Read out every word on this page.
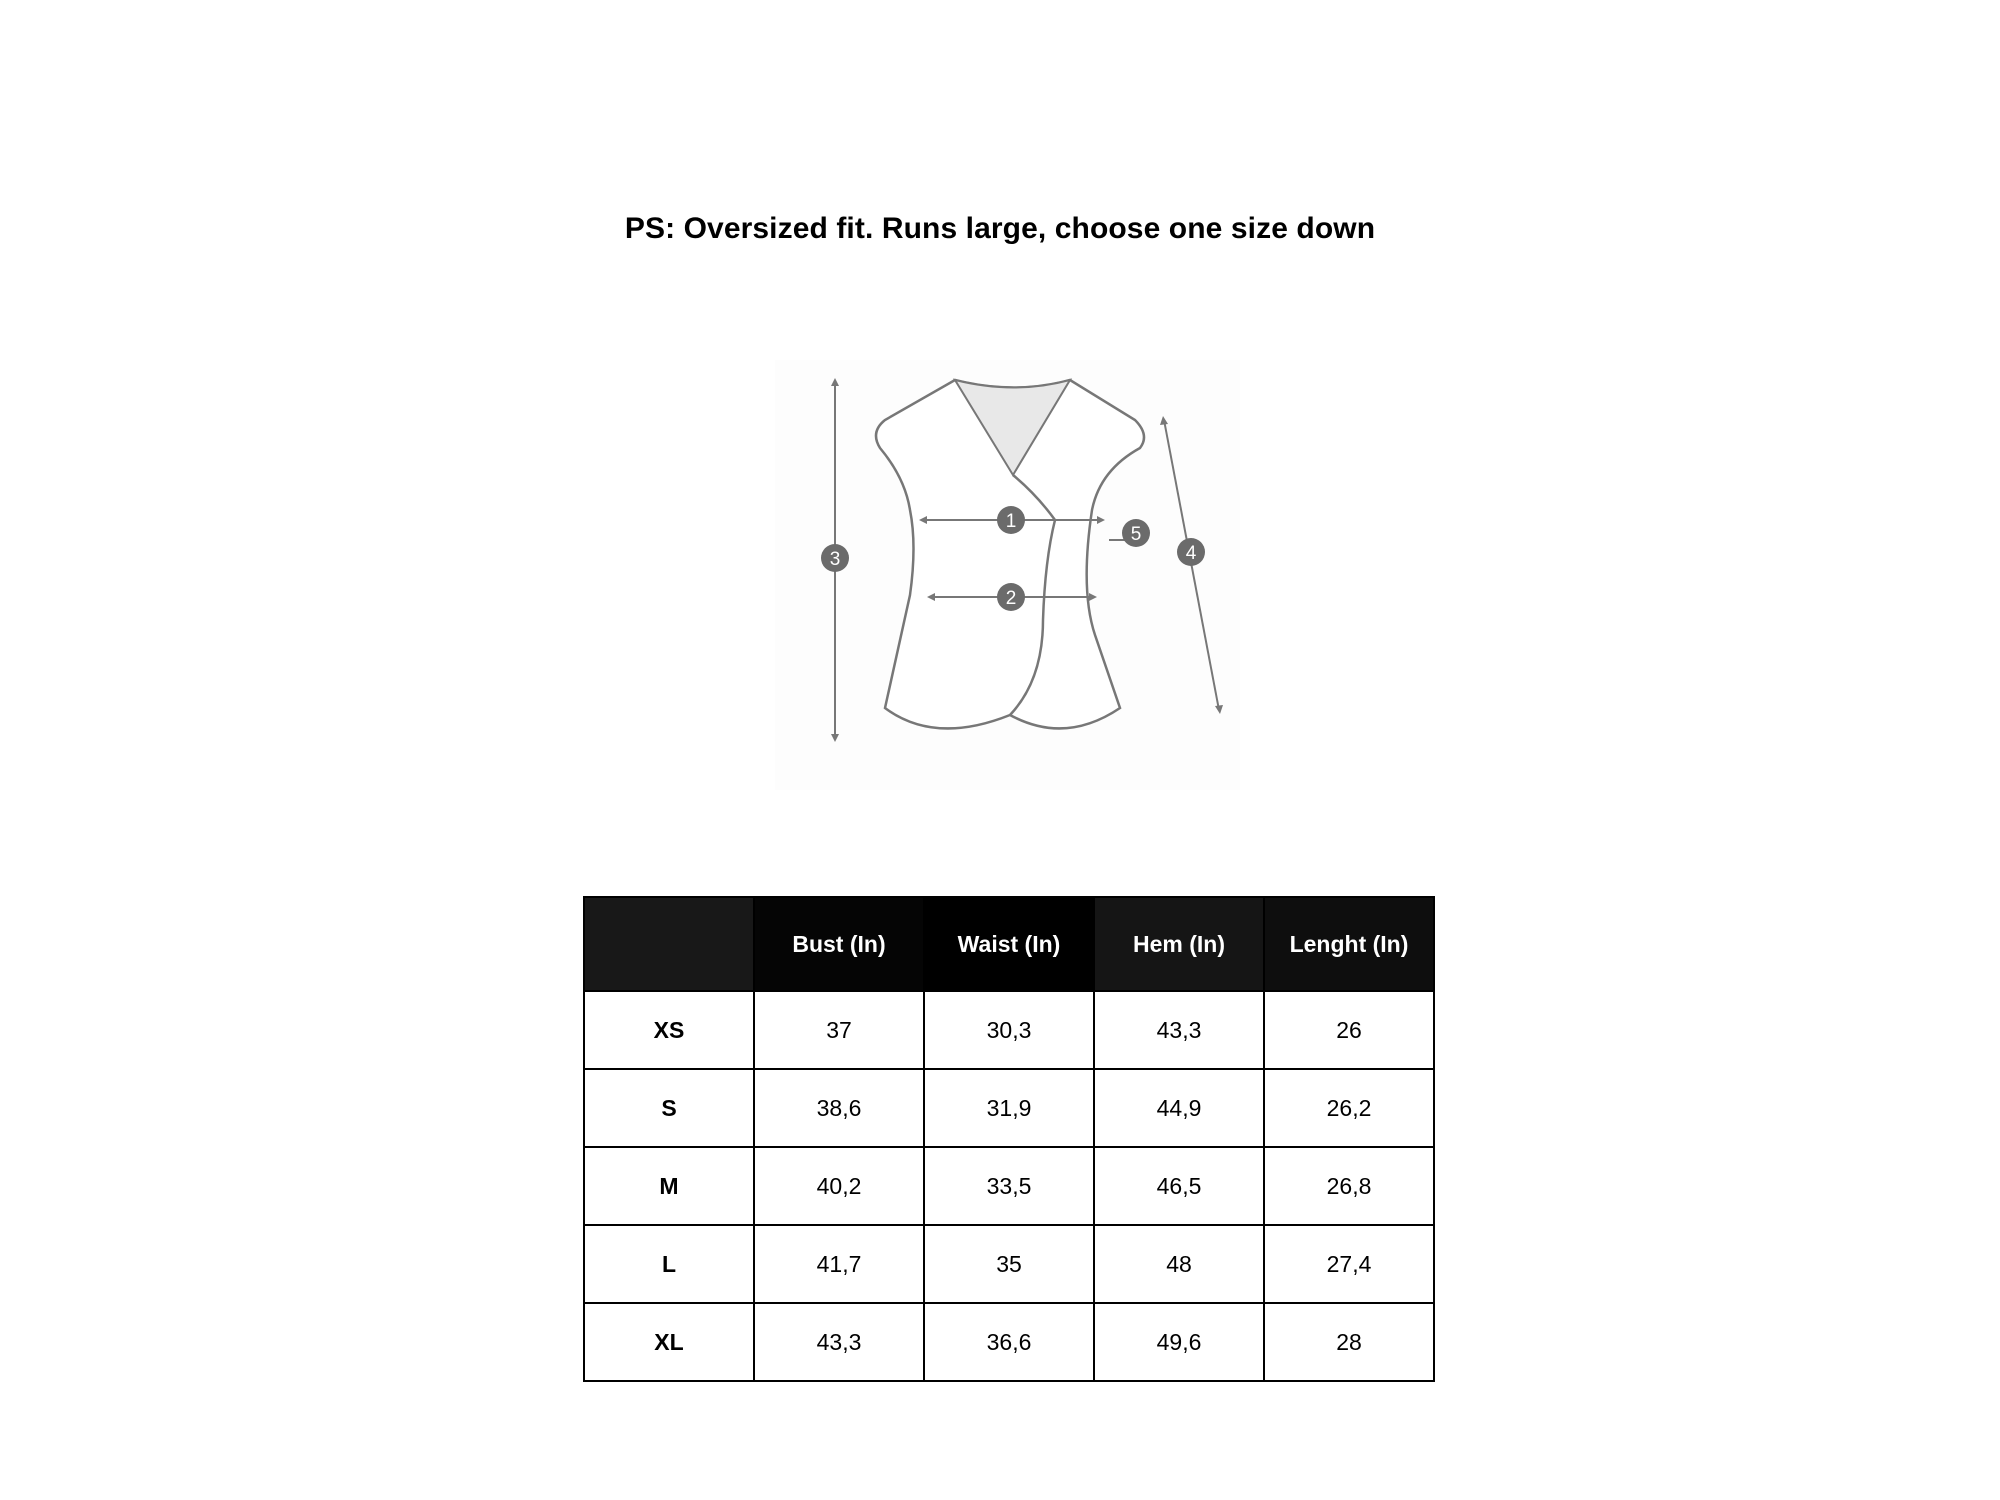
PS: Oversized fit. Runs large, choose one size down
1
2
3	4
5
	Bust (In)	Waist (In)	Hem (In)	Lenght (In)
XS	37	30,3	43,3	26
S	38,6	31,9	44,9	26,2
M	40,2	33,5	46,5	26,8
L	41,7	35	48	27,4
XL	43,3	36,6	49,6	28
